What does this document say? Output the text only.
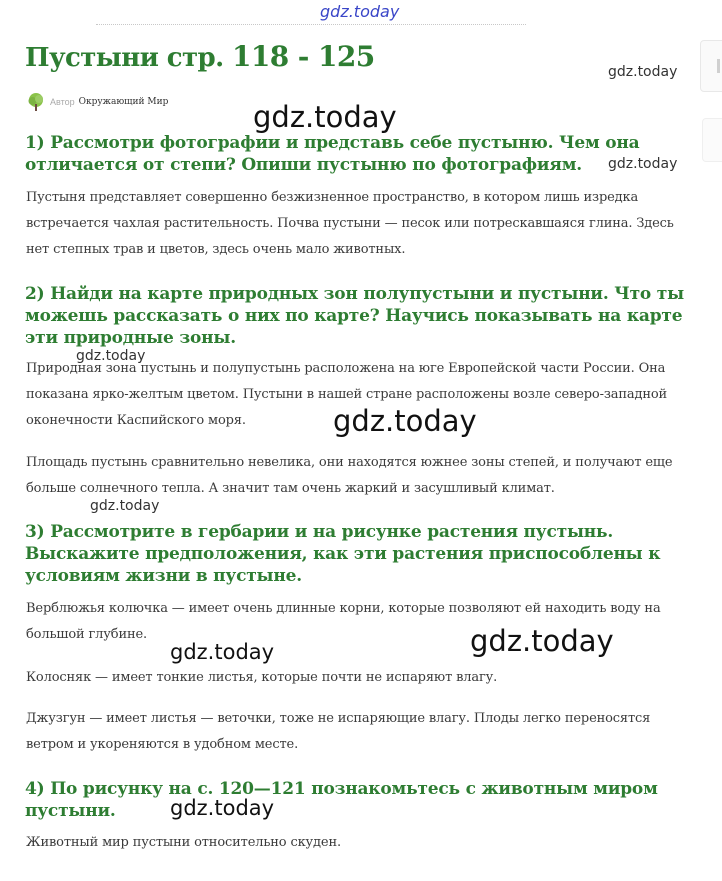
Пустыни стр. 118 - 125
Автор Окружающий Мир
1) Рассмотри фотографии и представь себе пустыню. Чем она отличается от степи? Опиши пустыню по фотографиям.

Пустыня представляет совершенно безжизненное пространство, в котором лишь изредка встречается чахлая растительность. Почва пустыни — песок или потрескавшаяся глина. Здесь нет степных трав и цветов, здесь очень мало животных.

2) Найди на карте природных зон полупустыни и пустыни. Что ты можешь рассказать о них по карте? Научись показывать на карте эти природные зоны.

Природная зона пустынь и полупустынь расположена на юге Европейской части России. Она показана ярко-желтым цветом. Пустыни в нашей стране расположены возле северо-западной оконечности Каспийского моря.

Площадь пустынь сравнительно невелика, они находятся южнее зоны степей, и получают еще больше солнечного тепла. А значит там очень жаркий и засушливый климат.

3) Рассмотрите в гербарии и на рисунке растения пустынь. Выскажите предположения, как эти растения приспособлены к условиям жизни в пустыне.

Верблюжья колючка — имеет очень длинные корни, которые позволяют ей находить воду на большой глубине.

Колосняк — имеет тонкие листья, которые почти не испаряют влагу.

Джузгун — имеет листья — веточки, тоже не испаряющие влагу. Плоды легко переносятся ветром и укореняются в удобном месте.

4) По рисунку на с. 120—121 познакомьтесь с животным миром пустыни.

Животный мир пустыни относительно скуден.

gdz.today
gdz.today
gdz.today
gdz.today
gdz.today
gdz.today
gdz.today
gdz.today
gdz.today
gdz.today
